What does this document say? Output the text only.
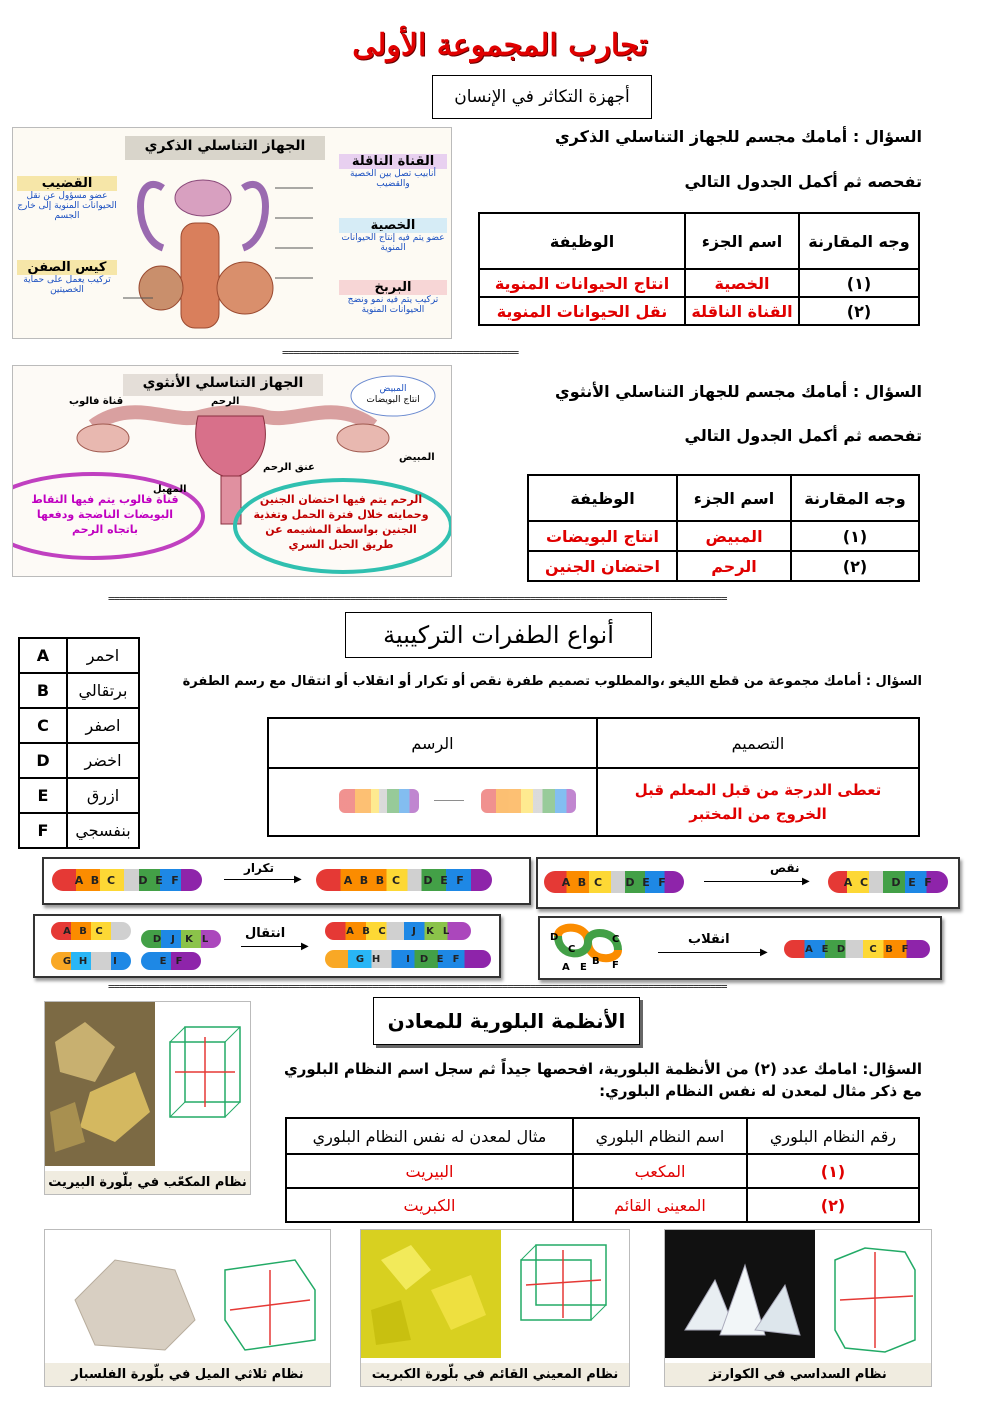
تجارب المجموعة الأولى
أجهزة التكاثر في الإنسان
الجهاز التناسلي الذكري
القضيب
عضو مسؤول عن نقل الحيوانات المنوية إلى خارج الجسم
كيس الصفن
تركيب يعمل على حماية الخصيتين
القناة الناقلة
أنابيب تصل بين الخصية والقضيب
الخصية
عضو يتم فيه إنتاج الحيوانات المنوية
البربخ
تركيب يتم فيه نمو ونضج الحيوانات المنوية
السؤال : أمامك مجسم للجهاز التناسلي الذكري
تفحصه ثم أكمل الجدول التالي
وجه المقارنة	اسم الجزء	الوظيفة
(١)	الخصية	انتاج الحيوانات المنوية
(٢)	القناة الناقلة	نقل الحيوانات المنوية
==========================================
الجهاز التناسلي الأنثوي	المبيض
انتاج البويضات
قناة فالوب	الرحم
المبيض
عنق الرحم
المهبل
قناة فالوب يتم فيها التقاط البويضات الناضجة ودفعها باتجاه الرحم
الرحم يتم فيها احتضان الجنين وحمايته خلال فترة الحمل وتغذية الجنين بواسطة المشيمه عن طريق الحبل السري
السؤال : أمامك مجسم للجهاز التناسلي الأنثوي
تفحصه ثم أكمل الجدول التالي
وجه المقارنة	اسم الجزء	الوظيفة
(١)	المبيض	انتاج البويضات
(٢)	الرحم	احتضان الجنين
==============================================================================================================
أنواع الطفرات التركيبية
A	احمر
B	برتقالي
C	اصفر
D	اخضر
E	ازرق
F	بنفسجي
السؤال : أمامك مجموعة من قطع الليغو ،والمطلوب تصميم طفرة نقص أو تكرار أو انقلاب أو انتقال مع رسم الطفرة
التصميم	الرسم
تعطى الدرجة من قبل المعلم قبل الخروج من المختبر	
A B C	D E F
تكرار
▶	A B B C	D E F	A B C	D E F
نقص
▶	A C	D E F
A B C
D J	K L
G H	I	E F
انتقال
▶
A B C	J	K L
G H	I D E F
D
C
B
A E	F
C	انقلاب
▶	A E D	C B F
==============================================================================================================
الأنظمة البلورية للمعادن
نظام المكعّب في بلّورة البيريت
السؤال: امامك عدد (٢) من الأنظمة البلورية، افحصها جيداً ثم سجل اسم النظام البلوري مع ذكر مثال لمعدن له نفس النظام البلوري:
رقم النظام البلوري	اسم النظام البلوري	مثال لمعدن له نفس النظام البلوري
(١)	المكعب	البيريت
(٢)	المعينى القائم	الكبريت
نظام ثلاثي الميل في بلّورة الفلسبار	نظام المعيني القائم في بلّورة الكبريت	نظام السداسي في الكوارتز
